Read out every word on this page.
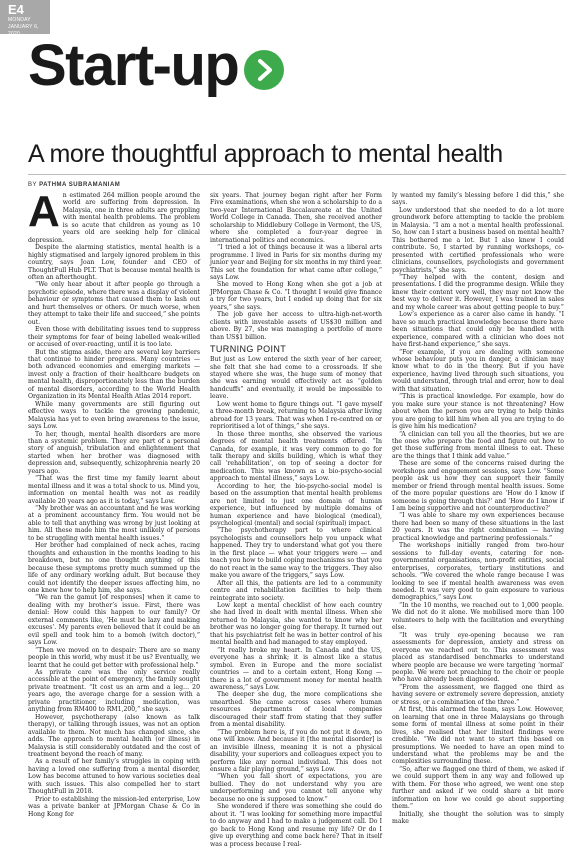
E4
MONDAY
JANUARY 6,
2020 Start-up
A more thoughtful approach to mental health
BY PATHMA SUBRAMANIAM
A n estimated 264 million people around the world are suffering from depression. In Malaysia, one in three adults are grappling with mental health problems. The problem is so acute that children as young as 10 years old are seeking help for clinical depression.

Despite the alarming statistics, mental health is a highly stigmatised and largely ignored problem in this country, says Joan Low, founder and CEO of ThoughtFull Hub PLT. That is because mental health is often an afterthought.

“We only hear about it after people go through a psychotic episode, where there was a display of violent behaviour or symptoms that caused them to lash out and hurt themselves or others. Or much worse, when they attempt to take their life and succeed,” she points out.

Even those with debilitating issues tend to suppress their symptoms for fear of being labelled weak-willed or accused of over-reacting, until it is too late.

But the stigma aside, there are several key barriers that continue to hinder progress. Many countries — both advanced economies and emerging markets — invest only a fraction of their healthcare budgets on mental health, disproportionately less than the burden of mental disorders, according to the World Health Organization in its Mental Health Atlas 2014 report.

While many governments are still figuring out effective ways to tackle the growing pandemic, Malaysia has yet to even bring awareness to the issue, says Low.

To her, though, mental health disorders are more than a systemic problem. They are part of a personal story of anguish, tribulation and enlightenment that started when her brother was diagnosed with depression and, subsequently, schizophrenia nearly 20 years ago.

“That was the first time my family learnt about mental illness and it was a total shock to us. Mind you, information on mental health was not as readily available 20 years ago as it is today,” says Low.

“My brother was an accountant and he was working at a prominent accountancy firm. You would not be able to tell that anything was wrong by just looking at him. All these made him the most unlikely of persons to be struggling with mental health issues.”

Her brother had complained of neck aches, racing thoughts and exhaustion in the months leading to his breakdown, but no one thought anything of this because these symptoms pretty much summed up the life of any ordinary working adult. But because they could not identify the deeper issues affecting him, no one knew how to help him, she says.

“We ran the gamut [of responses] when it came to dealing with my brother’s issue. First, there was denial: How could this happen to our family? Or external comments like, ‘He must be lazy and making excuses’. My parents even believed that it could be an evil spell and took him to a bomoh (witch doctor),” says Low.

“Then we moved on to despair: There are so many people in this world, why must it be us? Eventually, we learnt that he could get better with professional help.”

As private care was the only service really accessible at the point of emergency, the family sought private treatment. “It cost us an arm and a leg… 20 years ago, the average charge for a session with a private practitioner, including medication, was anything from RM400 to RM1,200,” she says.

However, psychotherapy (also known as talk therapy), or talking through issues, was not an option available to them. Not much has changed since, she adds. The approach to mental health (or illness) in Malaysia is still considerably outdated and the cost of treatment beyond the reach of many.

As a result of her family’s struggles in coping with having a loved one suffering from a mental disorder, Low has become attuned to how various societies deal with such issues. This also compelled her to start ThoughtFull in 2018.

Prior to establishing the mission-led enterprise, Low was a private banker at JPMorgan Chase & Co in Hong Kong for

six years. That journey began right after her Form Five examinations, when she won a scholarship to do a two-year International Baccalaureate at the United World College in Canada. Then, she received another scholarship to Middlebury College in Vermont, the US, where she completed a four-year degree in international politics and economics.

“I tried a lot of things because it was a liberal arts programme. I lived in Paris for six months during my junior year and Beijing for six months in my third year. This set the foundation for what came after college,” says Low.

She moved to Hong Kong when she got a job at JPMorgan Chase & Co. “I thought I would give finance a try for two years, but I ended up doing that for six years,” she says.

The job gave her access to ultra-high-net-worth clients with investable assets of US$30 million and above. By 27, she was managing a portfolio of more than US$1 billion.

TURNING POINT

But just as Low entered the sixth year of her career, she felt that she had come to a crossroads. If she stayed where she was, the huge sum of money that she was earning would effectively act as “golden handcuffs” and eventually, it would be impossible to leave.

Low went home to figure things out. “I gave myself a three-month break, returning to Malaysia after living abroad for 13 years. That was when I re-centred on or reprioritised a lot of things,” she says.

In those three months, she observed the various degrees of mental health treatments offered. “In Canada, for example, it was very common to go for talk therapy and skills building, which is what they call ‘rehabilitation’, on top of seeing a doctor for medication. This was known as a bio-psycho-social approach to mental illness,” says Low.

According to her, the bio-psycho-social model is based on the assumption that mental health problems are not limited to just one domain of human experience, but influenced by multiple domains of human experience and have biological (medical), psychological (mental) and social (spiritual) impact.

“The psychotherapy part to where clinical psychologists and counsellors help you unpack what happened. They try to understand what got you there in the first place — what your triggers were — and teach you how to build coping mechanisms so that you do not react in the same way to the triggers. They also make you aware of the triggers,” says Low.

After all this, the patients are led to a community centre and rehabilitation facilities to help them reintegrate into society.

Low kept a mental checklist of how each country she had lived in dealt with mental illness. When she returned to Malaysia, she wanted to know why her brother was no longer going for therapy. It turned out that his psychiatrist felt he was in better control of his mental health and had managed to stay employed.

“It really broke my heart. In Canada and the US, everyone has a shrink; it is almost like a status symbol. Even in Europe and the more socialist countries — and to a certain extent, Hong Kong — there is a lot of government money for mental health awareness,” says Low.

The deeper she dug, the more complications she unearthed. She came across cases where human resources departments of local companies discouraged their staff from stating that they suffer from a mental disability.

“The problem here is, if you do not put it down, no one will know. And because it [the mental disorder] is an invisible illness, meaning it is not a physical disability, your superiors and colleagues expect you to perform like any normal individual. This does not ensure a fair playing ground,” says Low.

“When you fall short of expectations, you are bullied. They do not understand why you are underperforming and you cannot tell anyone why because no one is supposed to know.”

She wondered if there was something she could do about it. “I was looking for something more impactful to do anyway and I had to make a judgement call. Do I go back to Hong Kong and resume my life? Or do I give up everything and come back here? That in itself was a process because I real-

ly wanted my family’s blessing before I did this,” she says.

Low understood that she needed to do a lot more groundwork before attempting to tackle the problem in Malaysia. “I am a not a mental health professional. So, how can I start a business based on mental health? This bothered me a lot. But I also knew I could contribute. So, I started by running workshops, co-presented with certified professionals who were clinicians, counsellors, psychologists and government psychiatrists,” she says.

“They helped with the content, design and presentations. I did the programme design. While they knew their content very well, they may not know the best way to deliver it. However, I was trained in sales and my whole career was about getting people to buy.”

Low’s experience as a carer also came in handy. “I have so much practical knowledge because there have been situations that could only be handled with experience, compared with a clinician who does not have first-hand experience,” she says.

“For example, if you are dealing with someone whose behaviour puts you in danger, a clinician may know what to do in the theory. But if you have experience, having lived through such situations, you would understand, through trial and error, how to deal with that situation.

“This is practical knowledge. For example, how do you make sure your stance is not threatening? How about when the person you are trying to help thinks you are going to kill him when all you are trying to do is give him his medication?

“A clinician can tell you all the theories, but we are the ones who prepare the food and figure out how to get those suffering from mental illness to eat. These are the things that I think add value.”

These are some of the concerns raised during the workshops and engagement sessions, says Low. “Some people ask us how they can support their family member or friend through mental health issues. Some of the more popular questions are ‘How do I know if someone is going through this?’ and ‘How do I know if I am being supportive and not counterproductive?’

“I was able to share my own experiences because there had been so many of these situations in the last 20 years. It was the right combination — having practical knowledge and partnering professionals.”

The workshops initially ranged from two-hour sessions to full-day events, catering for non-governmental organisations, non-profit entities, social enterprises, corporates, tertiary institutions and schools. “We covered the whole range because I was looking to see if mental health awareness was even needed. It was very good to gain exposure to various demographics,” says Low.

“In the 10 months, we reached out to 1,000 people. We did not do it alone. We mobilised more than 100 volunteers to help with the facilitation and everything else.

“It was truly eye-opening because we ran assessments for depression, anxiety and stress on everyone we reached out to. This assessment was placed as standardised benchmarks to understand where people are because we were targeting ‘normal’ people. We were not preaching to the choir or people who have already been diagnosed.

“From the assessment, we flagged one third as having severe or extremely severe depression, anxiety or stress, or a combination of the three.”

At first, this alarmed the team, says Low. However, on learning that one in three Malaysians go through some form of mental illness at some point in their lives, she realised that her limited findings were credible. “We did not want to start this based on presumptions. We needed to have an open mind to understand what the problems may be and the complexities surrounding these.

“So, after we flagged one third of them, we asked if we could support them in any way and followed up with them. For those who agreed, we went one step further and asked if we could share a bit more information on how we could go about supporting them.”

Initially, she thought the solution was to simply make
